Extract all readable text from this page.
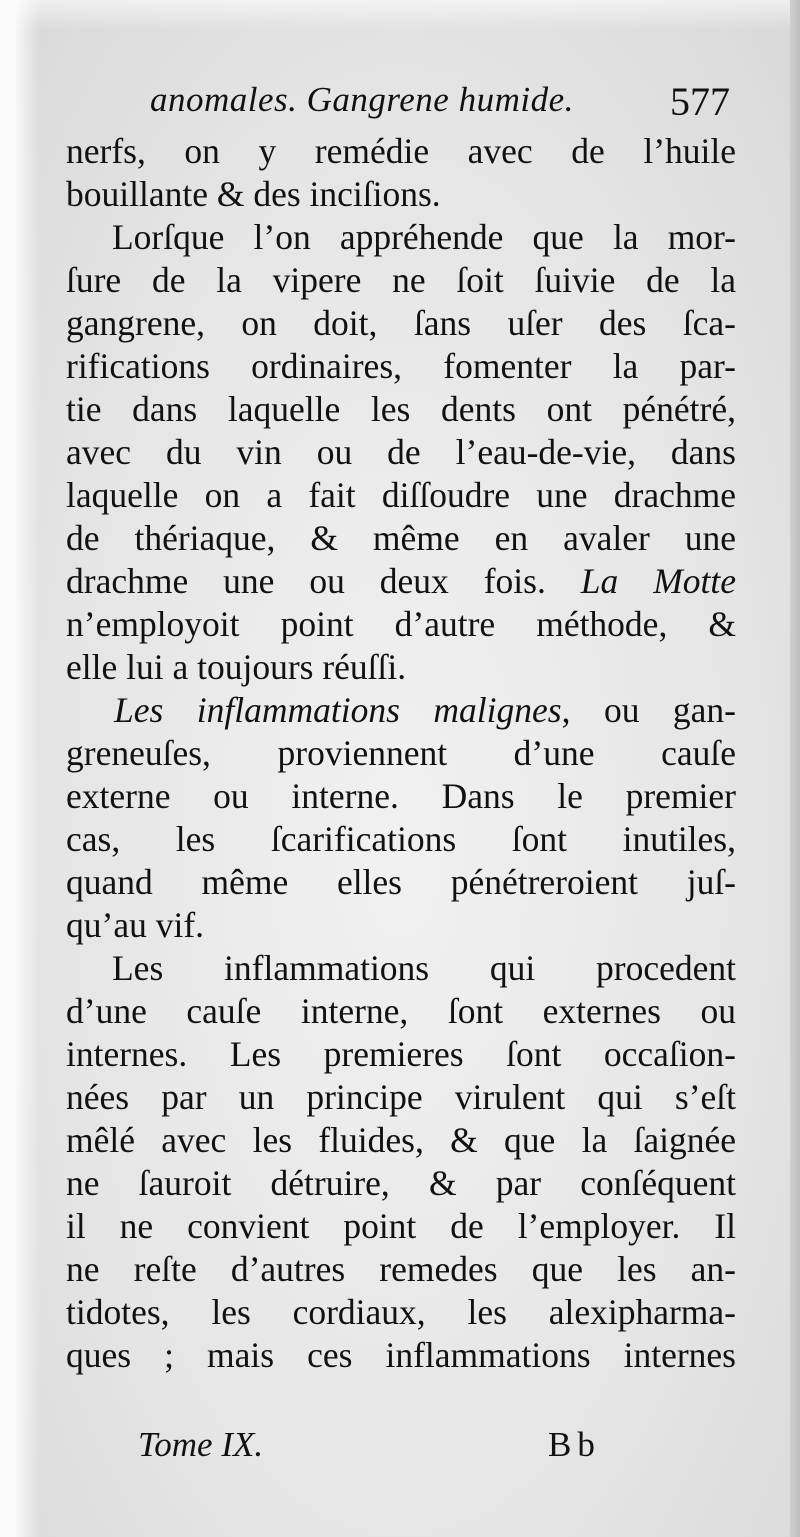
anomales. Gangrene humide. 577
nerfs, on y remédie avec de l’huile
bouillante & des inciſions.
Lorſque l’on appréhende que la mor-
ſure de la vipere ne ſoit ſuivie de la
gangrene, on doit, ſans uſer des ſca-
rifications ordinaires, fomenter la par-
tie dans laquelle les dents ont pénétré,
avec du vin ou de l’eau-de-vie, dans
laquelle on a fait diſſoudre une drachme
de thériaque, & même en avaler une
drachme une ou deux fois. La Motte
n’employoit point d’autre méthode, &
elle lui a toujours réuſſi.
Les inflammations malignes, ou gan-
greneuſes, proviennent d’une cauſe
externe ou interne. Dans le premier
cas, les ſcarifications ſont inutiles,
quand même elles pénétreroient juſ-
qu’au vif.
Les inflammations qui procedent
d’une cauſe interne, ſont externes ou
internes. Les premieres ſont occaſion-
nées par un principe virulent qui s’eſt
mêlé avec les fluides, & que la ſaignée
ne ſauroit détruire, & par conſéquent
il ne convient point de l’employer. Il
ne reſte d’autres remedes que les an-
tidotes, les cordiaux, les alexipharma-
ques ; mais ces inflammations internes
Tome IX.	Bb
